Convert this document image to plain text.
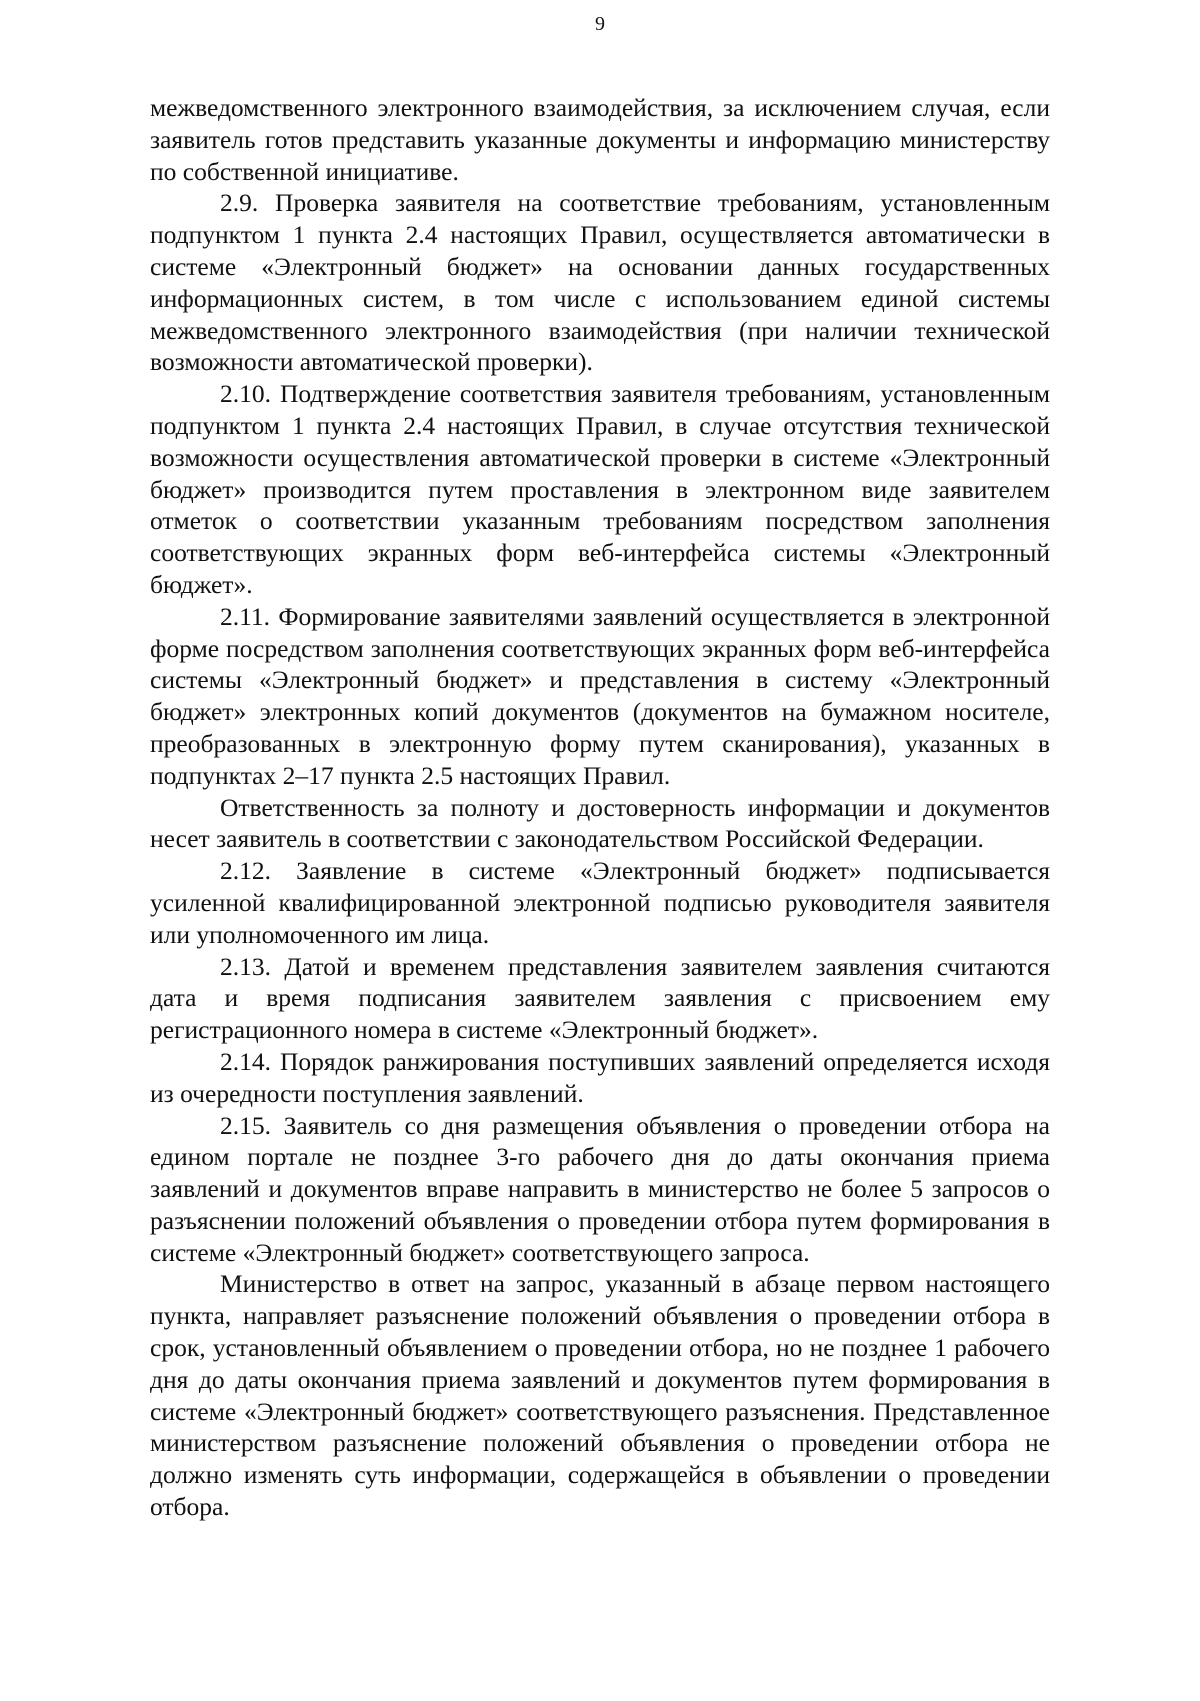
9

межведомственного электронного взаимодействия, за исключением случая, если заявитель готов представить указанные документы и информацию министерству по собственной инициативе.

2.9. Проверка заявителя на соответствие требованиям, установленным подпунктом 1 пункта 2.4 настоящих Правил, осуществляется автоматически в системе «Электронный бюджет» на основании данных государственных информационных систем, в том числе с использованием единой системы межведомственного электронного взаимодействия (при наличии технической возможности автоматической проверки).

2.10. Подтверждение соответствия заявителя требованиям, установленным подпунктом 1 пункта 2.4 настоящих Правил, в случае отсутствия технической возможности осуществления автоматической проверки в системе «Электронный бюджет» производится путем проставления в электронном виде заявителем отметок о соответствии указанным требованиям посредством заполнения соответствующих экранных форм веб-интерфейса системы «Электронный бюджет».

2.11. Формирование заявителями заявлений осуществляется в электронной форме посредством заполнения соответствующих экранных форм веб-интерфейса системы «Электронный бюджет» и представления в систему «Электронный бюджет» электронных копий документов (документов на бумажном носителе, преобразованных в электронную форму путем сканирования), указанных в подпунктах 2–17 пункта 2.5 настоящих Правил.

Ответственность за полноту и достоверность информации и документов несет заявитель в соответствии с законодательством Российской Федерации.

2.12. Заявление в системе «Электронный бюджет» подписывается усиленной квалифицированной электронной подписью руководителя заявителя или уполномоченного им лица.

2.13. Датой и временем представления заявителем заявления считаются дата и время подписания заявителем заявления с присвоением ему регистрационного номера в системе «Электронный бюджет».

2.14. Порядок ранжирования поступивших заявлений определяется исходя из очередности поступления заявлений.

2.15. Заявитель со дня размещения объявления о проведении отбора на едином портале не позднее 3-го рабочего дня до даты окончания приема заявлений и документов вправе направить в министерство не более 5 запросов о разъяснении положений объявления о проведении отбора путем формирования в системе «Электронный бюджет» соответствующего запроса.

Министерство в ответ на запрос, указанный в абзаце первом настоящего пункта, направляет разъяснение положений объявления о проведении отбора в срок, установленный объявлением о проведении отбора, но не позднее 1 рабочего дня до даты окончания приема заявлений и документов путем формирования в системе «Электронный бюджет» соответствующего разъяснения. Представленное министерством разъяснение положений объявления о проведении отбора не должно изменять суть информации, содержащейся в объявлении о проведении отбора.
